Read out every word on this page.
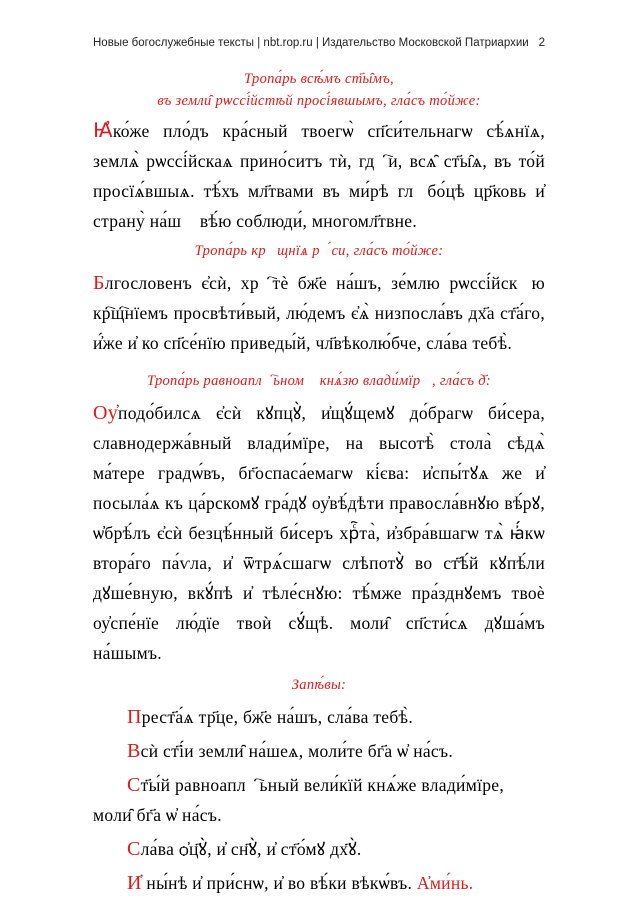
Новые богослужебные тексты | nbt.rop.ru | Издательство Московской Патриархии 2

Тропа́рь всѣ́мъ ст҃ы̑мъ,

въ земли̑ рѡссі́йстѣй просі́явшымъ, гла́съ то́йже:

Ꙗ҆ко́же пло́дъ кра́сный твоегѡ̀ сп҃си́тельнагѡ сѣ́ѧнїѧ, землѧ̀ рѡссі́йскаѧ прино́ситъ тѝ, гдⷭ҇и, всѧ̑ ст҃ы̑ѧ, въ то́й просїѧ́вшыѧ. тѣ́хъ мл҃твами въ ми́рѣ глꙋбо́цѣ цр҃ковь и҆ страну̀ на́шꙋ вѣ́ю соблюди́, многомл҃твне.

Тропа́рь крⷮщнїѧ рꙋ́си, гла́съ то́йже:

Блгословенъ є҆сѝ, хрⷭ҇тѐ бж҃е на́шъ, зе́млю рѡссі́йскꙋю кр҇щ҇нїемъ просвѣти́вый, лю́демъ є҆ѧ̀ низпосла́въ дх҃а ст҃а́го, и҆́же и҆ ко сп҃се́нїю приведы́й, чл҃вѣколю́бче, сла́ва тебѣ̀.

Тропа́рь равноаплⷭ҇ьномꙋ кнѧ́зю влади́мїрꙋ, гла́съ д҃:

Оу҆подо́билсѧ є҆сѝ кꙋпцꙋ̀, и҆щꙋ́щемꙋ до́брагѡ би́сера, славнодержа́вный влади́мїре, на высотѣ̀ стола̀ сѣдѧ̀ ма́тере градѡ́въ, бг҃оспаса́емагѡ кі́єва: и҆спы́тꙋѧ же и҆ посыла́ѧ къ ца́рскомꙋ гра́дꙋ оу҆вѣ́дѣти правосла́внꙋю вѣ́рꙋ, ѡ҆брѣ́лъ є҆сѝ безцѣ́нный би́серъ хрⷭ҇та̀, и҆збра́вшагѡ тѧ̀ ꙗ҆́кѡ втора́го па́ѵла, и҆ ѿтрѧ́сшагѡ слѣпотꙋ̀ во ст҃ѣ́й кꙋпѣ́ли дꙋше́вную, вкꙋ́пѣ и҆ тѣле́снꙋю: тѣ́мже пра́зднꙋемъ твоѐ оу҆спе́нїе лю́дїе твоѝ сꙋ́щѣ. моли̑ сп҃сти́сѧ дꙋша́мъ на́шымъ.

Запѣ́вы:

Прест҃а́ѧ тр҃це, бж҃е на́шъ, сла́ва тебѣ̀.

Всѝ ст҃і́и земли̑ на́шеѧ, моли́те бг҃а ѡ҆ на́съ.

Ст҃ы́й равноаплⷭ҇ьный вели́кїй кнѧ́же влади́мїре, моли̑ бг҃а ѡ҆ на́съ.

Сла́ва ѻ҆ц҃ꙋ̀, и҆ сн҃ꙋ̀, и҆ ст҃о́мꙋ дх҃ꙋ̀.

И҆ ны́нѣ и҆ при́снѡ, и҆ во вѣ́ки вѣкѡ́въ. А҆ми́нь.
